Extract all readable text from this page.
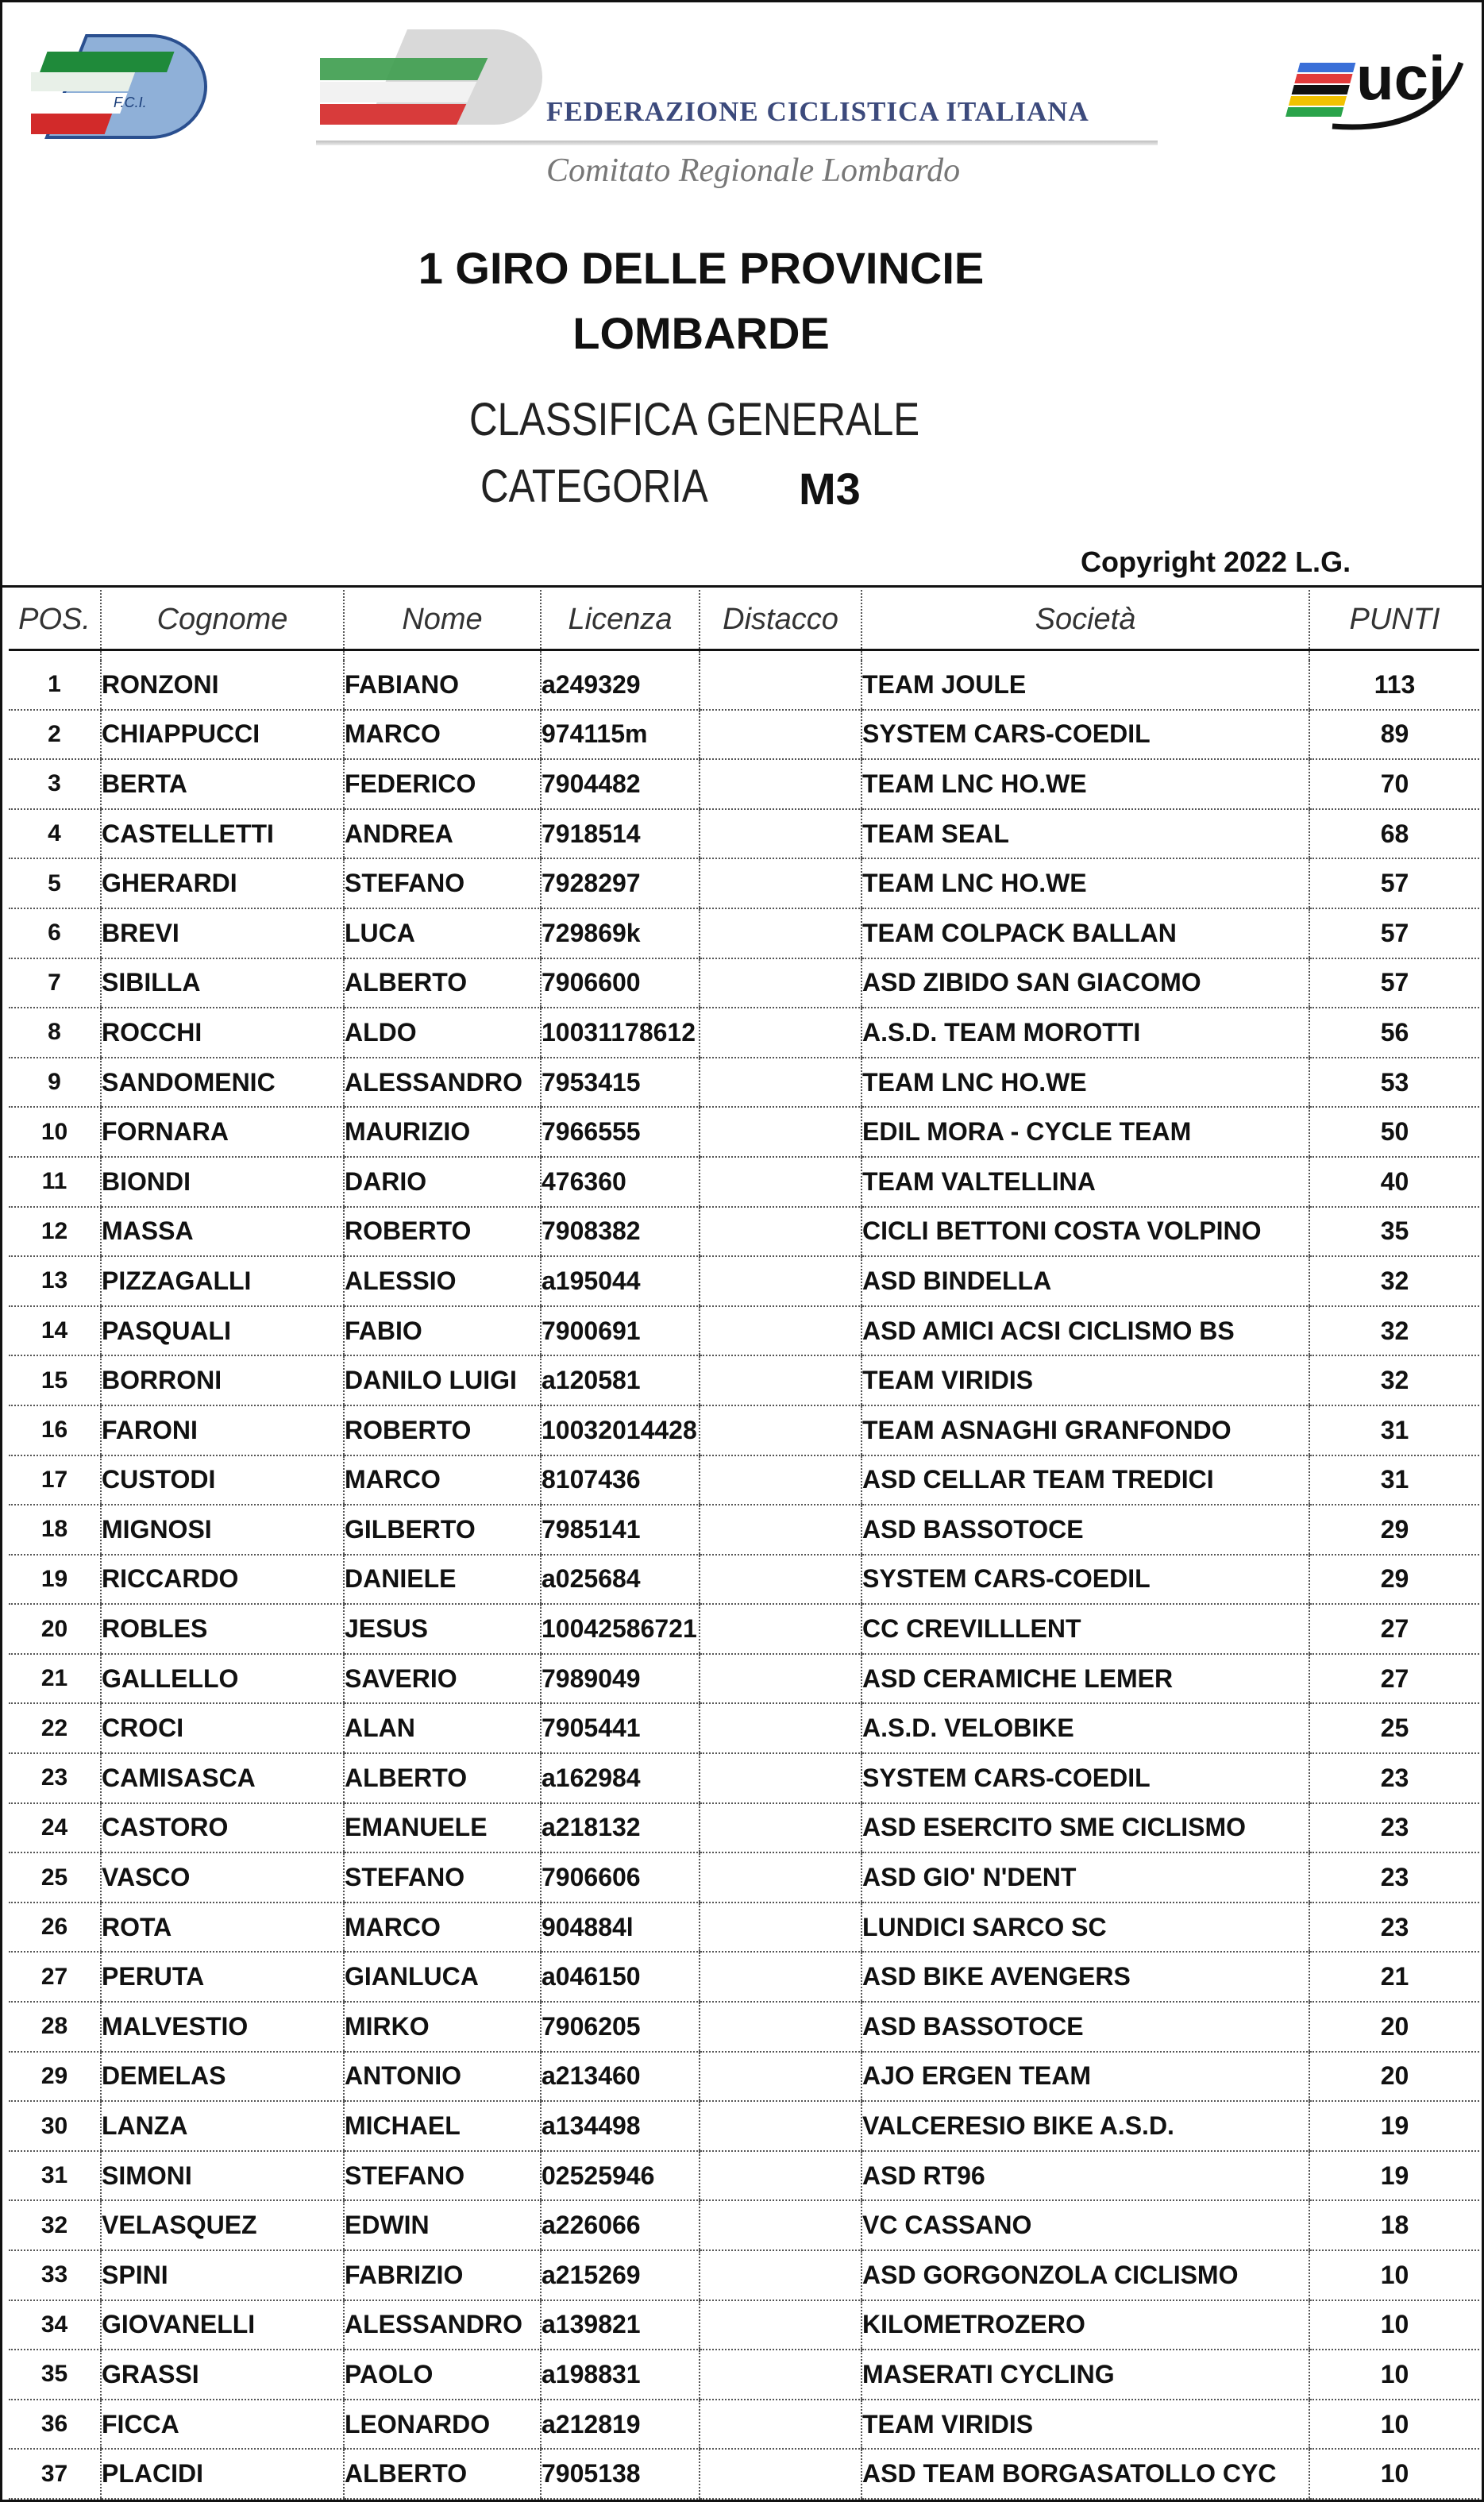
F.C.I.	FEDERAZIONE CICLISTICA ITALIANA
Comitato Regionale Lombardo
uci
1 GIRO DELLE PROVINCIE
LOMBARDE
CLASSIFICA GENERALE
CATEGORIA M3
Copyright 2022 L.G.
POS.	Cognome	Nome	Licenza	Distacco	Società	PUNTI

1	RONZONI	FABIANO	a249329		TEAM JOULE	113
2	CHIAPPUCCI	MARCO	974115m		SYSTEM CARS-COEDIL	89
3	BERTA	FEDERICO	7904482		TEAM LNC HO.WE	70
4	CASTELLETTI	ANDREA	7918514		TEAM SEAL	68
5	GHERARDI	STEFANO	7928297		TEAM LNC HO.WE	57
6	BREVI	LUCA	729869k		TEAM COLPACK BALLAN	57
7	SIBILLA	ALBERTO	7906600		ASD ZIBIDO SAN GIACOMO	57
8	ROCCHI	ALDO	10031178612		A.S.D. TEAM MOROTTI	56
9	SANDOMENIC	ALESSANDRO	7953415		TEAM LNC HO.WE	53
10	FORNARA	MAURIZIO	7966555		EDIL MORA - CYCLE TEAM	50
11	BIONDI	DARIO	476360		TEAM VALTELLINA	40
12	MASSA	ROBERTO	7908382		CICLI BETTONI COSTA VOLPINO	35
13	PIZZAGALLI	ALESSIO	a195044		ASD BINDELLA	32
14	PASQUALI	FABIO	7900691		ASD AMICI ACSI CICLISMO BS	32
15	BORRONI	DANILO LUIGI	a120581		TEAM VIRIDIS	32
16	FARONI	ROBERTO	10032014428		TEAM ASNAGHI GRANFONDO	31
17	CUSTODI	MARCO	8107436		ASD CELLAR TEAM TREDICI	31
18	MIGNOSI	GILBERTO	7985141		ASD BASSOTOCE	29
19	RICCARDO	DANIELE	a025684		SYSTEM CARS-COEDIL	29
20	ROBLES	JESUS	10042586721		CC CREVILLLENT	27
21	GALLELLO	SAVERIO	7989049		ASD CERAMICHE LEMER	27
22	CROCI	ALAN	7905441		A.S.D. VELOBIKE	25
23	CAMISASCA	ALBERTO	a162984		SYSTEM CARS-COEDIL	23
24	CASTORO	EMANUELE	a218132		ASD ESERCITO SME CICLISMO	23
25	VASCO	STEFANO	7906606		ASD GIO' N'DENT	23
26	ROTA	MARCO	904884l		LUNDICI SARCO SC	23
27	PERUTA	GIANLUCA	a046150		ASD BIKE AVENGERS	21
28	MALVESTIO	MIRKO	7906205		ASD BASSOTOCE	20
29	DEMELAS	ANTONIO	a213460		AJO ERGEN TEAM	20
30	LANZA	MICHAEL	a134498		VALCERESIO BIKE A.S.D.	19
31	SIMONI	STEFANO	02525946		ASD RT96	19
32	VELASQUEZ	EDWIN	a226066		VC CASSANO	18
33	SPINI	FABRIZIO	a215269		ASD GORGONZOLA CICLISMO	10
34	GIOVANELLI	ALESSANDRO	a139821		KILOMETROZERO	10
35	GRASSI	PAOLO	a198831		MASERATI CYCLING	10
36	FICCA	LEONARDO	a212819		TEAM VIRIDIS	10
37	PLACIDI	ALBERTO	7905138		ASD TEAM BORGASATOLLO CYC	10
